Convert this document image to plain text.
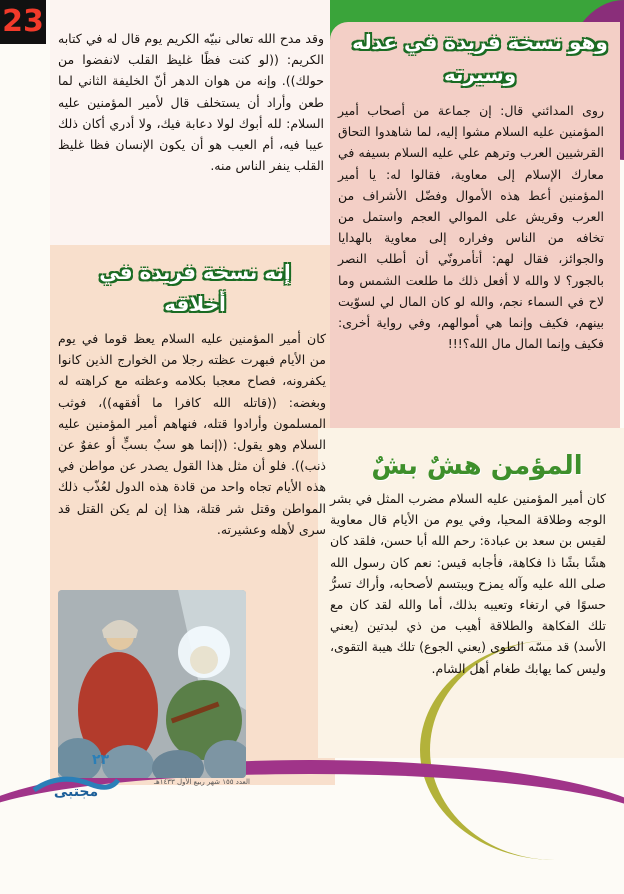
23
وهو نسخة فريدة في عدله وسيرته
روى المدائني قال: إن جماعة من أصحاب أمير المؤمنين عليه السلام مشوا إليه، لما شاهدوا التحاق القرشيين العرب وترهم علي عليه السلام بسيفه في معارك الإسلام إلى معاوية، فقالوا له: يا أمير المؤمنين أعط هذه الأموال وفضّل الأشراف من العرب وقريش على الموالي العجم واستمل من تخافه من الناس وفراره إلى معاوية بالهدايا والجوائز، فقال لهم: أتأمرونّي أن أطلب النصر بالجور؟ لا والله لا أفعل ذلك ما طلعت الشمس وما لاح في السماء نجم، والله لو كان المال لي لسوّيت بينهم، فكيف وإنما هي أموالهم، وفي رواية أخرى: فكيف وإنما المال مال الله؟!!!
المؤمن هشٌ بشٌ
كان أمير المؤمنين عليه السلام مضرب المثل في بشر الوجه وطلاقة المحيا، وفي يوم من الأيام قال معاوية لقيس بن سعد بن عبادة: رحم الله أبا حسن، فلقد كان هشًا بشًا ذا فكاهة، فأجابه قيس: نعم كان رسول الله صلى الله عليه وآله يمزح ويبتسم لأصحابه، وأراك تسرُّ حسوًا في ارتغاء وتعيبه بذلك، أما والله لقد كان مع تلك الفكاهة والطلاقة أهيب من ذي لبدتين (يعني الأسد) قد مسّه الطوى (يعني الجوع) تلك هيبة التقوى، وليس كما يهابك طغام أهل الشام.
وقد مدح الله تعالى نبيّه الكريم يوم قال له في كتابه الكريم: ((لو كنت فظًا غليظ القلب لانفضوا من حولك)). وإنه من هوان الدهر أنّ الخليفة الثاني لما طعن وأراد أن يستخلف قال لأمير المؤمنين عليه السلام: لله أبوك لولا دعابة فيك، ولا أدري أكان ذلك عيبا فيه، أم العيب هو أن يكون الإنسان فظا غليظ القلب ينفر الناس منه.
إنه نسخة فريدة في أخلاقه
كان أمير المؤمنين عليه السلام يعظ قوما في يوم من الأيام فبهرت عظته رجلا من الخوارج الذين كانوا يكفرونه، فصاح معجبا بكلامه وعظته مع كراهته له وبغضه: ((قاتله الله كافرا ما أفقهه))، فوثب المسلمون وأرادوا قتله، فنهاهم أمير المؤمنين عليه السلام وهو يقول: ((إنما هو سبٌ بسبٍّ أو عفوٌ عن ذنب)). فلو أن مثل هذا القول يصدر عن مواطن في هذه الأيام تجاه واحد من قادة هذه الدول لعُذّب ذلك المواطن وقتل شر قتلة، هذا إن لم يكن القتل قد سرى لأهله وعشيرته.
٢٣
مجتبى
العدد ١٥٥ شهر ربيع الأول ١٤٣٣هـ
